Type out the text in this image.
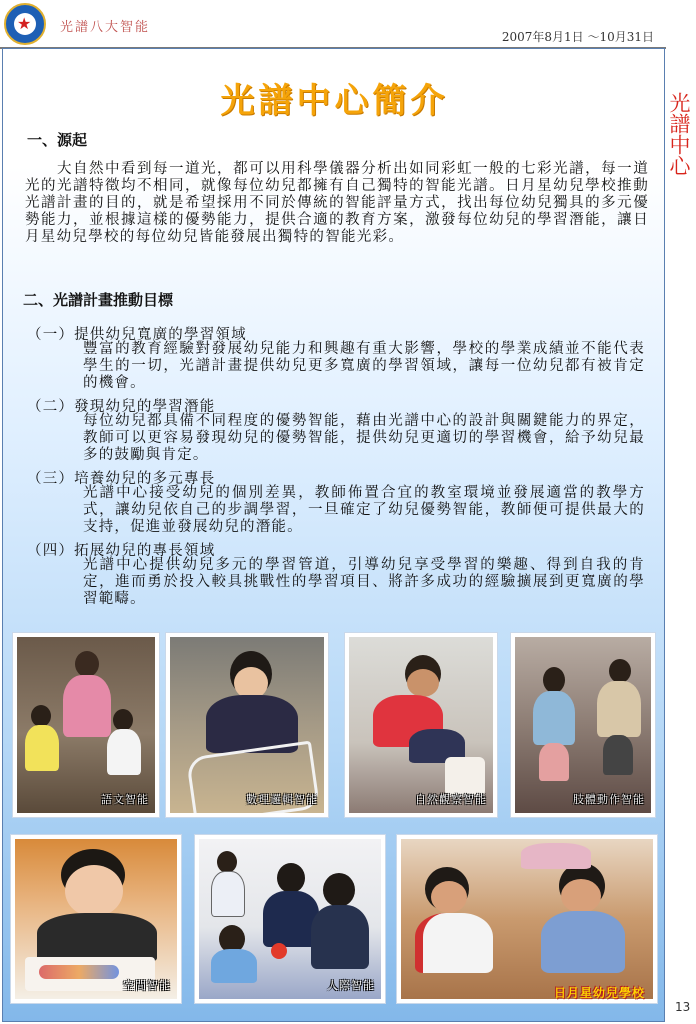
★ 光譜八大智能
2007年8月1日 ～10月31日
光譜中心
13
光譜中心簡介
一、源起
　　大自然中看到每一道光，都可以用科學儀器分析出如同彩虹一般的七彩光譜，每一道光的光譜特徵均不相同，就像每位幼兒都擁有自己獨特的智能光譜。日月星幼兒學校推動光譜計畫的目的，就是希望採用不同於傳統的智能評量方式，找出每位幼兒獨具的多元優勢能力，並根據這樣的優勢能力，提供合適的教育方案，激發每位幼兒的學習潛能，讓日月星幼兒學校的每位幼兒皆能發展出獨特的智能光彩。
二、光譜計畫推動目標
（一）提供幼兒寬廣的學習領域
豐富的教育經驗對發展幼兒能力和興趣有重大影響，學校的學業成績並不能代表學生的一切，光譜計畫提供幼兒更多寬廣的學習領域，讓每一位幼兒都有被肯定的機會。
（二）發現幼兒的學習潛能
每位幼兒都具備不同程度的優勢智能，藉由光譜中心的設計與關鍵能力的界定，教師可以更容易發現幼兒的優勢智能，提供幼兒更適切的學習機會，給予幼兒最多的鼓勵與肯定。
（三）培養幼兒的多元專長
光譜中心接受幼兒的個別差異，教師佈置合宜的教室環境並發展適當的教學方式，讓幼兒依自己的步調學習，一旦確定了幼兒優勢智能，教師便可提供最大的支持，促進並發展幼兒的潛能。
（四）拓展幼兒的專長領域
光譜中心提供幼兒多元的學習管道，引導幼兒享受學習的樂趣、得到自我的肯定，進而勇於投入較具挑戰性的學習項目、將許多成功的經驗擴展到更寬廣的學習範疇。
語文智能	數理邏輯智能	自然觀察智能	肢體動作智能
空間智能	人際智能
日月星幼兒學校
